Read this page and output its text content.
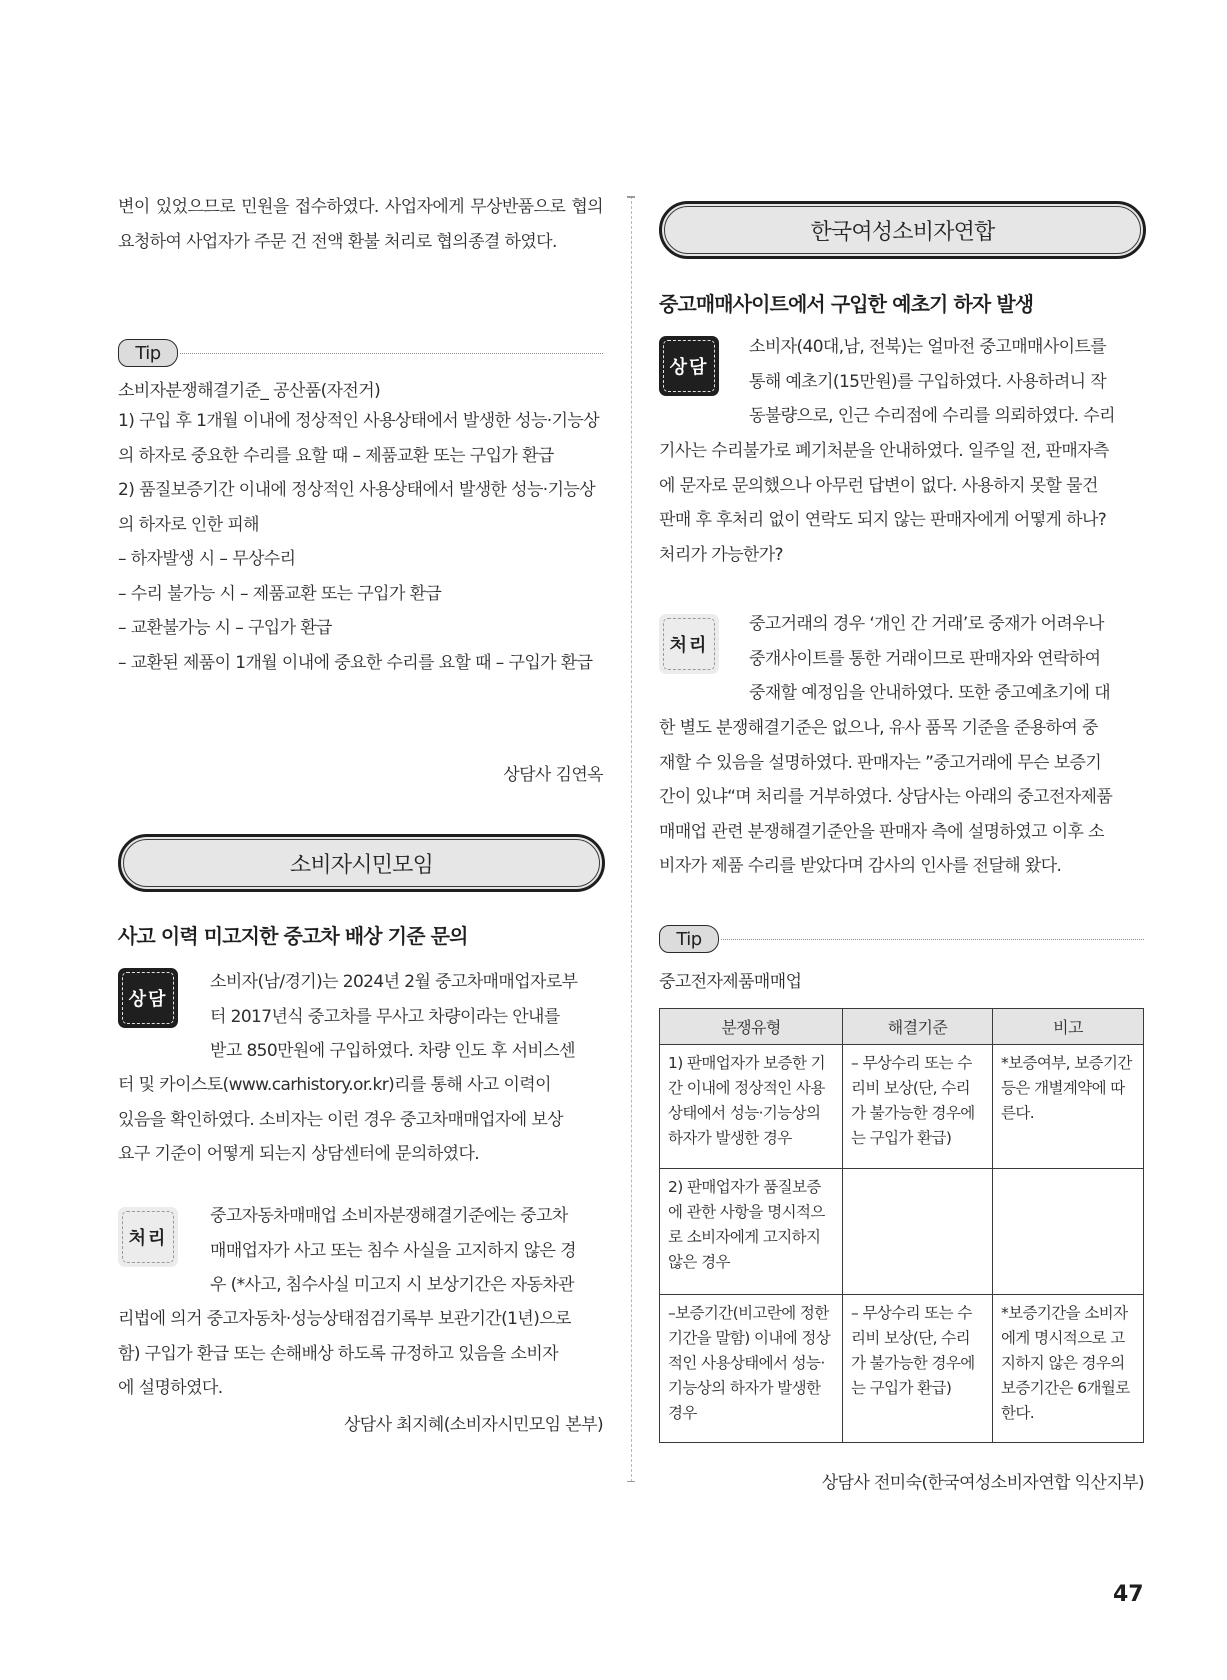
변이 있었으므로 민원을 접수하였다. 사업자에게 무상반품으로 협의 요청하여 사업자가 주문 건 전액 환불 처리로 협의종결 하였다.

Tip
소비자분쟁해결기준_ 공산품(자전거)
1) 구입 후 1개월 이내에 정상적인 사용상태에서 발생한 성능·기능상의 하자로 중요한 수리를 요할 때 – 제품교환 또는 구입가 환급
2) 품질보증기간 이내에 정상적인 사용상태에서 발생한 성능·기능상의 하자로 인한 피해
– 하자발생 시 – 무상수리
– 수리 불가능 시 – 제품교환 또는 구입가 환급
– 교환불가능 시 – 구입가 환급
– 교환된 제품이 1개월 이내에 중요한 수리를 요할 때 – 구입가 환급
상담사 김연옥
소비자시민모임
사고 이력 미고지한 중고차 배상 기준 문의
상담
소비자(남/경기)는 2024년 2월 중고차매매업자로부
터 2017년식 중고차를 무사고 차량이라는 안내를
받고 850만원에 구입하였다. 차량 인도 후 서비스센
터 및 카이스토(www.carhistory.or.kr)리를 통해 사고 이력이
있음을 확인하였다. 소비자는 이런 경우 중고차매매업자에 보상
요구 기준이 어떻게 되는지 상담센터에 문의하였다.
처리
중고자동차매매업 소비자분쟁해결기준에는 중고차
매매업자가 사고 또는 침수 사실을 고지하지 않은 경
우 (*사고, 침수사실 미고지 시 보상기간은 자동차관
리법에 의거 중고자동차·성능상태점검기록부 보관기간(1년)으로
함) 구입가 환급 또는 손해배상 하도록 규정하고 있음을 소비자
에 설명하였다.
상담사 최지혜(소비자시민모임 본부)
한국여성소비자연합
중고매매사이트에서 구입한 예초기 하자 발생
상담
소비자(40대,남, 전북)는 얼마전 중고매매사이트를
통해 예초기(15만원)를 구입하였다. 사용하려니 작
동불량으로, 인근 수리점에 수리를 의뢰하였다. 수리
기사는 수리불가로 폐기처분을 안내하였다. 일주일 전, 판매자측
에 문자로 문의했으나 아무런 답변이 없다. 사용하지 못할 물건
판매 후 후처리 없이 연락도 되지 않는 판매자에게 어떻게 하나?
처리가 가능한가?
처리
중고거래의 경우 ‘개인 간 거래’로 중재가 어려우나
중개사이트를 통한 거래이므로 판매자와 연락하여
중재할 예정임을 안내하였다. 또한 중고예초기에 대
한 별도 분쟁해결기준은 없으나, 유사 품목 기준을 준용하여 중
재할 수 있음을 설명하였다. 판매자는 ”중고거래에 무슨 보증기
간이 있냐“며 처리를 거부하였다. 상담사는 아래의 중고전자제품
매매업 관련 분쟁해결기준안을 판매자 측에 설명하였고 이후 소
비자가 제품 수리를 받았다며 감사의 인사를 전달해 왔다.
Tip
중고전자제품매매업
분쟁유형	해결기준	비고
1) 판매업자가 보증한 기간 이내에 정상적인 사용상태에서 성능·기능상의 하자가 발생한 경우	– 무상수리 또는 수리비 보상(단, 수리가 불가능한 경우에는 구입가 환급)	*보증여부, 보증기간 등은 개별계약에 따른다.
2) 판매업자가 품질보증에 관한 사항을 명시적으로 소비자에게 고지하지 않은 경우		
–보증기간(비고란에 정한 기간을 말함) 이내에 정상적인 사용상태에서 성능·기능상의 하자가 발생한 경우	– 무상수리 또는 수리비 보상(단, 수리가 불가능한 경우에는 구입가 환급)	*보증기간을 소비자에게 명시적으로 고지하지 않은 경우의 보증기간은 6개월로 한다.
상담사 전미숙(한국여성소비자연합 익산지부)
47
